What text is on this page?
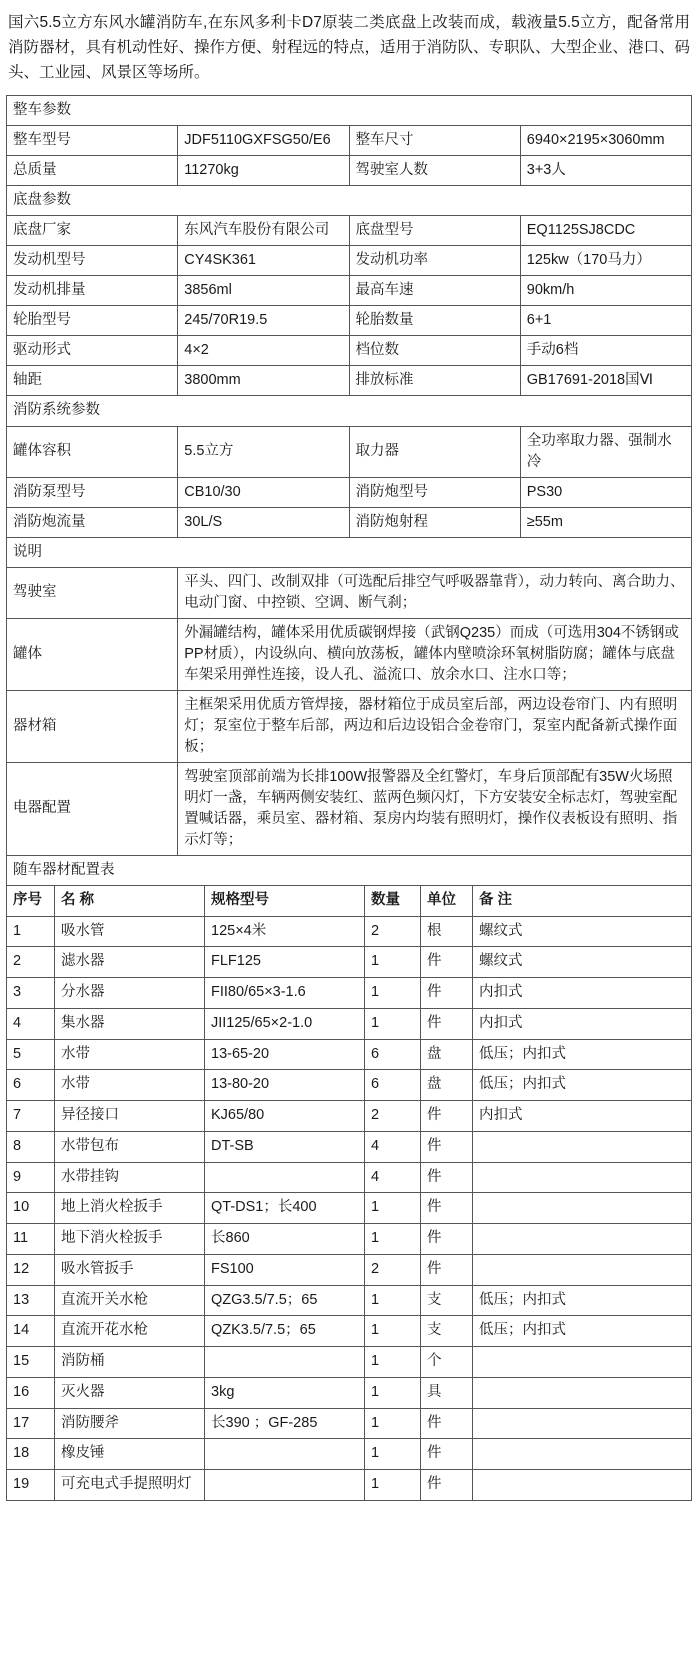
国六5.5立方东风水罐消防车,在东风多利卡D7原装二类底盘上改装而成，载液量5.5立方，配备常用消防器材，具有机动性好、操作方便、射程远的特点，适用于消防队、专职队、大型企业、港口、码头、工业园、风景区等场所。
整车参数			
整车型号	JDF5110GXFSG50/E6	整车尺寸	6940×2195×3060mm
总质量	11270kg	驾驶室人数	3+3人
底盘参数			
底盘厂家	东风汽车股份有限公司	底盘型号	EQ1125SJ8CDC
发动机型号	CY4SK361	发动机功率	125kw（170马力）
发动机排量	3856ml	最高车速	90km/h
轮胎型号	245/70R19.5	轮胎数量	6+1
驱动形式	4×2	档位数	手动6档
轴距	3800mm	排放标准	GB17691-2018国Ⅵ
消防系统参数			
罐体容积	5.5立方	取力器	全功率取力器、强制水冷
消防泵型号	CB10/30	消防炮型号	PS30
消防炮流量	30L/S	消防炮射程	≥55m
说明			
驾驶室	平头、四门、改制双排（可选配后排空气呼吸器靠背），动力转向、离合助力、电动门窗、中控锁、空调、断气刹；		
罐体	外漏罐结构，罐体采用优质碳钢焊接（武钢Q235）而成（可选用304不锈钢或PP材质），内设纵向、横向放荡板，罐体内壁喷涂环氧树脂防腐；罐体与底盘车架采用弹性连接，设人孔、溢流口、放余水口、注水口等；		
器材箱	主框架采用优质方管焊接，器材箱位于成员室后部，两边设卷帘门、内有照明灯；泵室位于整车后部，两边和后边设铝合金卷帘门，泵室内配备新式操作面板；		
电器配置	驾驶室顶部前端为长排100W报警器及全红警灯，车身后顶部配有35W火场照明灯一盏，车辆两侧安装红、蓝两色频闪灯，下方安装安全标志灯，驾驶室配置喊话器，乘员室、器材箱、泵房内均装有照明灯，操作仪表板设有照明、指示灯等；		
随车器材配置表			
序号	名 称	规格型号	数量	单位	备 注
1	吸水管	125×4米	2	根	螺纹式
2	滤水器	FLF125	1	件	螺纹式
3	分水器	FII80/65×3-1.6	1	件	内扣式
4	集水器	JII125/65×2-1.0	1	件	内扣式
5	水带	13-65-20	6	盘	低压；内扣式
6	水带	13-80-20	6	盘	低压；内扣式
7	异径接口	KJ65/80	2	件	内扣式
8	水带包布	DT-SB	4	件	
9	水带挂钩		4	件	
10	地上消火栓扳手	QT-DS1；长400	1	件	
11	地下消火栓扳手	长860	1	件	
12	吸水管扳手	FS100	2	件	
13	直流开关水枪	QZG3.5/7.5；65	1	支	低压；内扣式
14	直流开花水枪	QZK3.5/7.5；65	1	支	低压；内扣式
15	消防桶		1	个	
16	灭火器	3kg	1	具	
17	消防腰斧	长390 ；GF-285	1	件	
18	橡皮锤		1	件	
19	可充电式手提照明灯		1	件	
